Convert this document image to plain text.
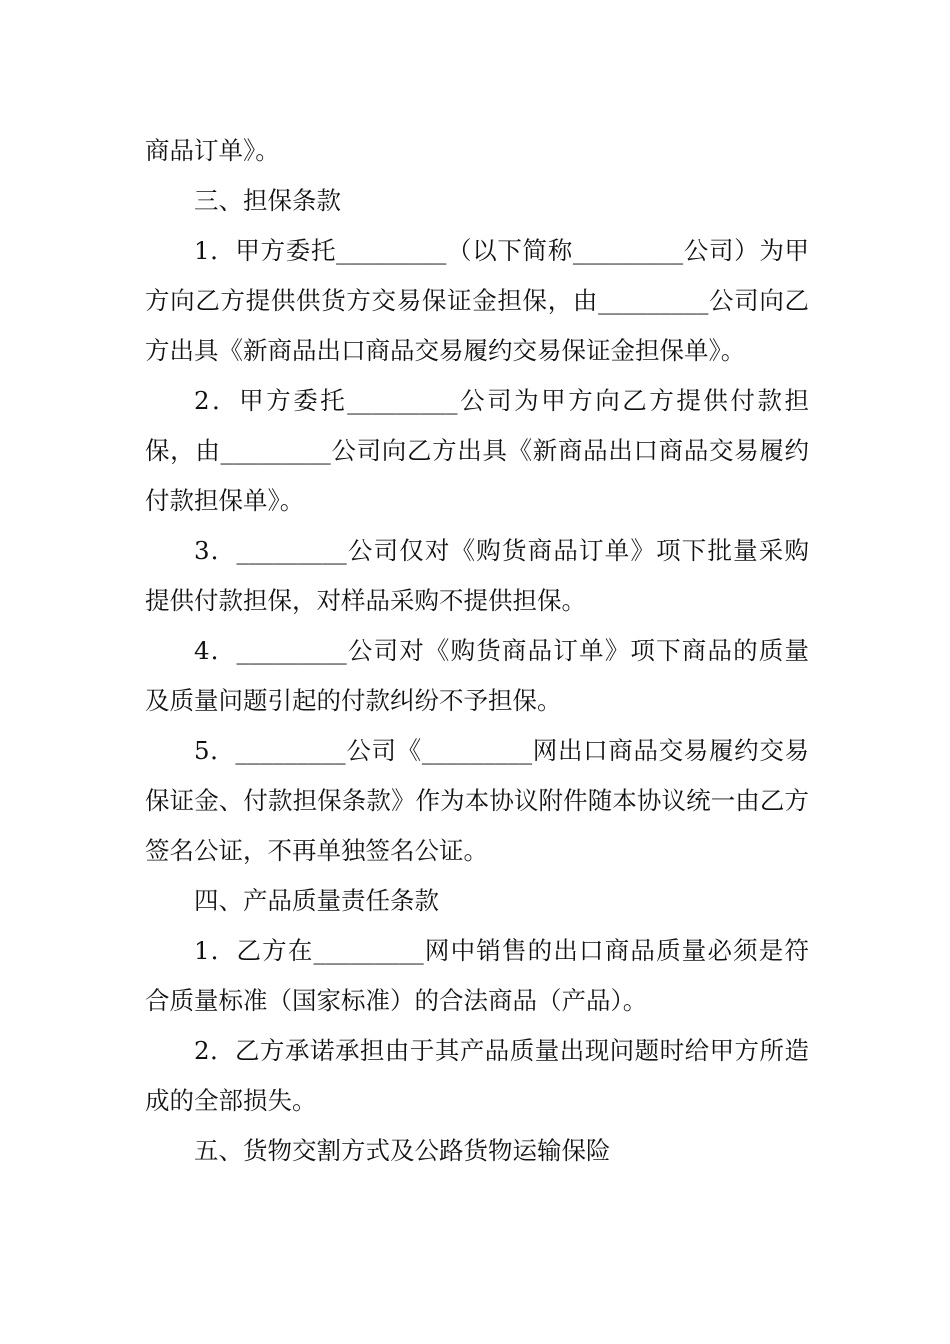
商品订单》。

三、担保条款

1．甲方委托_________（以下简称_________公司）为甲方向乙方提供供货方交易保证金担保，由_________公司向乙方出具《新商品出口商品交易履约交易保证金担保单》。

2．甲方委托_________公司为甲方向乙方提供付款担保，由_________公司向乙方出具《新商品出口商品交易履约付款担保单》。

3．_________公司仅对《购货商品订单》项下批量采购提供付款担保，对样品采购不提供担保。

4．_________公司对《购货商品订单》项下商品的质量及质量问题引起的付款纠纷不予担保。

5．_________公司《_________网出口商品交易履约交易保证金、付款担保条款》作为本协议附件随本协议统一由乙方签名公证，不再单独签名公证。

四、产品质量责任条款

1．乙方在_________网中销售的出口商品质量必须是符合质量标准（国家标准）的合法商品（产品）。

2．乙方承诺承担由于其产品质量出现问题时给甲方所造成的全部损失。

五、货物交割方式及公路货物运输保险
